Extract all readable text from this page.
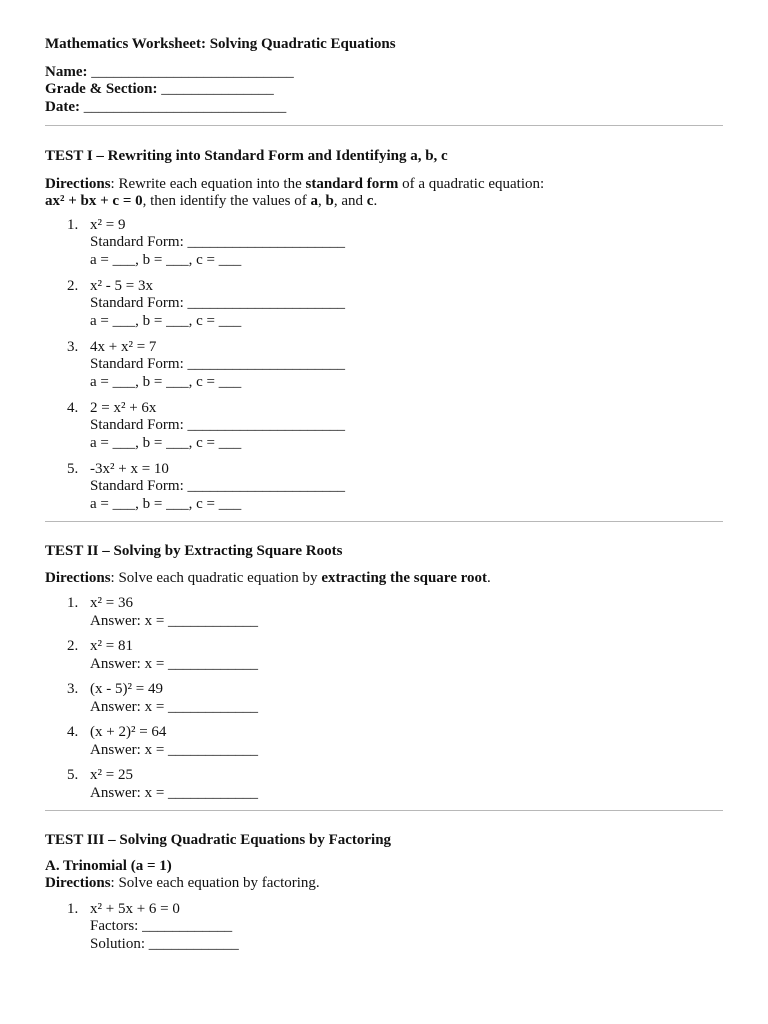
Mathematics Worksheet: Solving Quadratic Equations
Name: ___________________________
Grade & Section: _______________
Date: ___________________________
TEST I – Rewriting into Standard Form and Identifying a, b, c
Directions: Rewrite each equation into the standard form of a quadratic equation:
ax² + bx + c = 0, then identify the values of a, b, and c.
1. x² = 9
Standard Form: _____________________
a = ___, b = ___, c = ___
2. x² - 5 = 3x
Standard Form: _____________________
a = ___, b = ___, c = ___
3. 4x + x² = 7
Standard Form: _____________________
a = ___, b = ___, c = ___
4. 2 = x² + 6x
Standard Form: _____________________
a = ___, b = ___, c = ___
5. -3x² + x = 10
Standard Form: _____________________
a = ___, b = ___, c = ___
TEST II – Solving by Extracting Square Roots
Directions: Solve each quadratic equation by extracting the square root.
1. x² = 36
Answer: x = ____________
2. x² = 81
Answer: x = ____________
3. (x - 5)² = 49
Answer: x = ____________
4. (x + 2)² = 64
Answer: x = ____________
5. x² = 25
Answer: x = ____________
TEST III – Solving Quadratic Equations by Factoring
A. Trinomial (a = 1)
Directions: Solve each equation by factoring.
1. x² + 5x + 6 = 0
Factors: ____________
Solution: ____________
